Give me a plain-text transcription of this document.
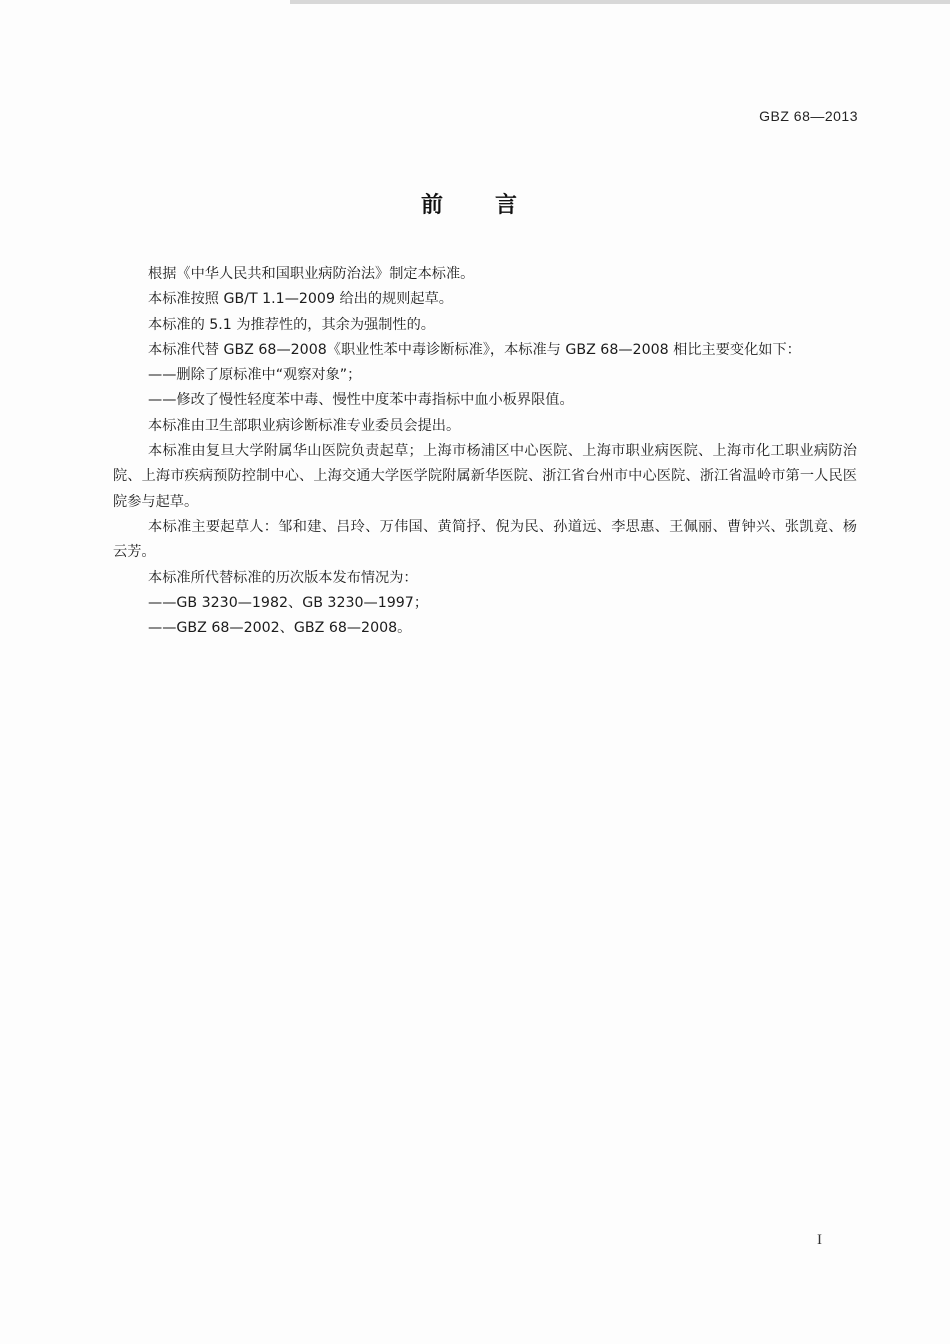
GBZ 68—2013
前言

根据《中华人民共和国职业病防治法》制定本标准。

本标准按照 GB/T 1.1—2009 给出的规则起草。

本标准的 5.1 为推荐性的，其余为强制性的。

本标准代替 GBZ 68—2008《职业性苯中毒诊断标准》，本标准与 GBZ 68—2008 相比主要变化如下：

——删除了原标准中“观察对象”；

——修改了慢性轻度苯中毒、慢性中度苯中毒指标中血小板界限值。

本标准由卫生部职业病诊断标准专业委员会提出。

本标准由复旦大学附属华山医院负责起草；上海市杨浦区中心医院、上海市职业病医院、上海市化工职业病防治院、上海市疾病预防控制中心、上海交通大学医学院附属新华医院、浙江省台州市中心医院、浙江省温岭市第一人民医院参与起草。

本标准主要起草人：邹和建、吕玲、万伟国、黄简抒、倪为民、孙道远、李思惠、王佩丽、曹钟兴、张凯竟、杨云芳。

本标准所代替标准的历次版本发布情况为：

——GB 3230—1982、GB 3230—1997；

——GBZ 68—2002、GBZ 68—2008。

I
